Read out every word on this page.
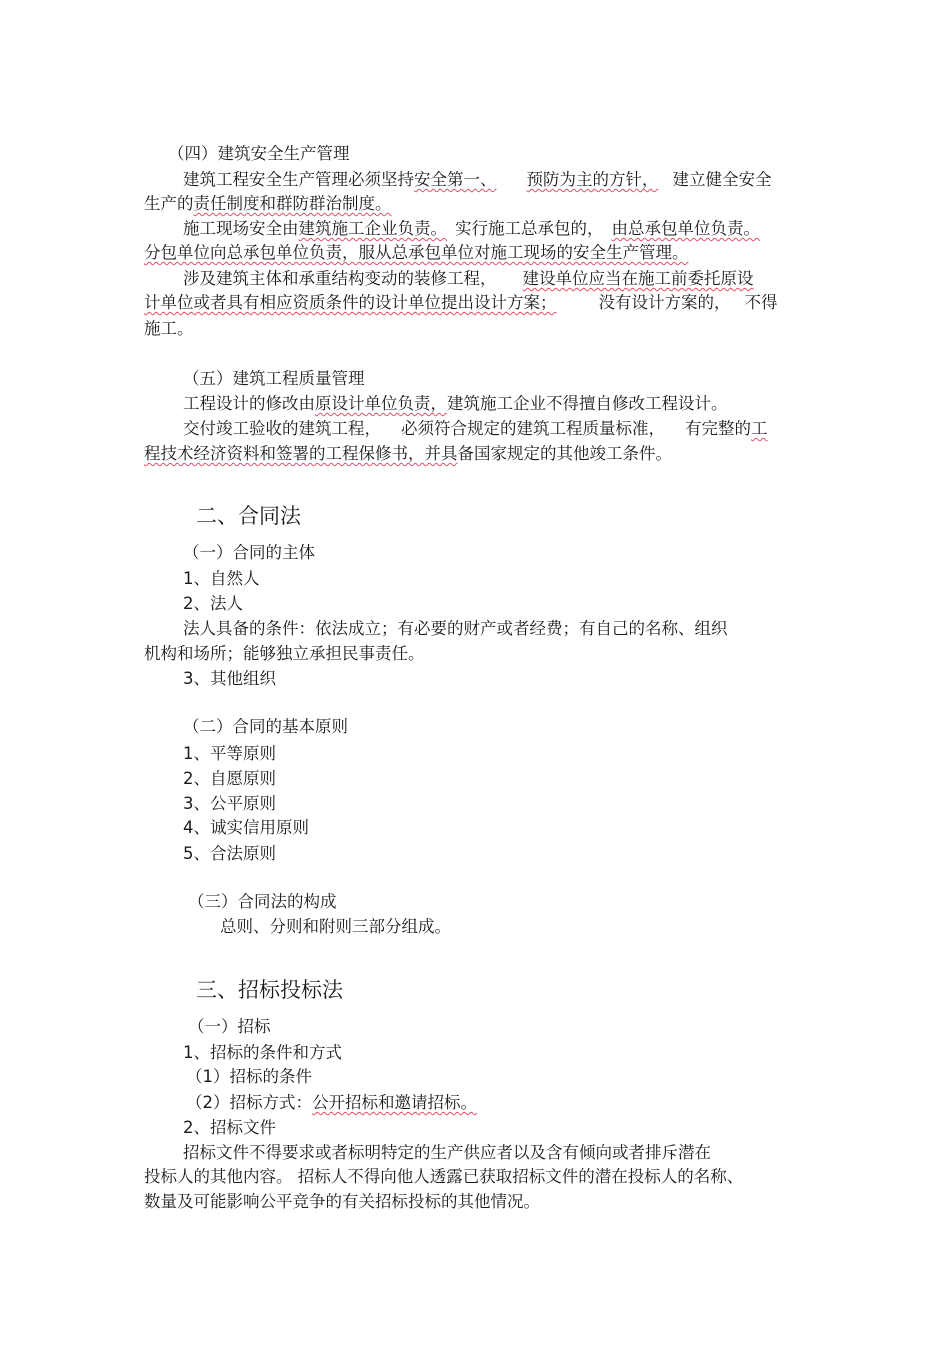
（四）建筑安全生产管理
建筑工程安全生产管理必须坚持安全第一、 预防为主的方针， 建立健全安全
生产的责任制度和群防群治制度。
施工现场安全由建筑施工企业负责。 实行施工总承包的， 由总承包单位负责。
分包单位向总承包单位负责，服从总承包单位对施工现场的安全生产管理。
涉及建筑主体和承重结构变动的装修工程， 建设单位应当在施工前委托原设
计单位或者具有相应资质条件的设计单位提出设计方案；	没有设计方案的， 不得
施工。
（五）建筑工程质量管理
工程设计的修改由原设计单位负责，建筑施工企业不得擅自修改工程设计。
交付竣工验收的建筑工程， 必须符合规定的建筑工程质量标准， 有完整的工
程技术经济资料和签署的工程保修书，并具备国家规定的其他竣工条件。
二、合同法
（一）合同的主体
1、自然人
2、法人
法人具备的条件：依法成立；有必要的财产或者经费；有自己的名称、组织
机构和场所；能够独立承担民事责任。
3、其他组织
（二）合同的基本原则
1、平等原则
2、自愿原则
3、公平原则
4、诚实信用原则
5、合法原则
（三）合同法的构成
总则、分则和附则三部分组成。
三、招标投标法
（一）招标
1、招标的条件和方式
（1）招标的条件
（2）招标方式：公开招标和邀请招标。
2、招标文件
招标文件不得要求或者标明特定的生产供应者以及含有倾向或者排斥潜在
投标人的其他内容。 招标人不得向他人透露已获取招标文件的潜在投标人的名称、
数量及可能影响公平竞争的有关招标投标的其他情况。
